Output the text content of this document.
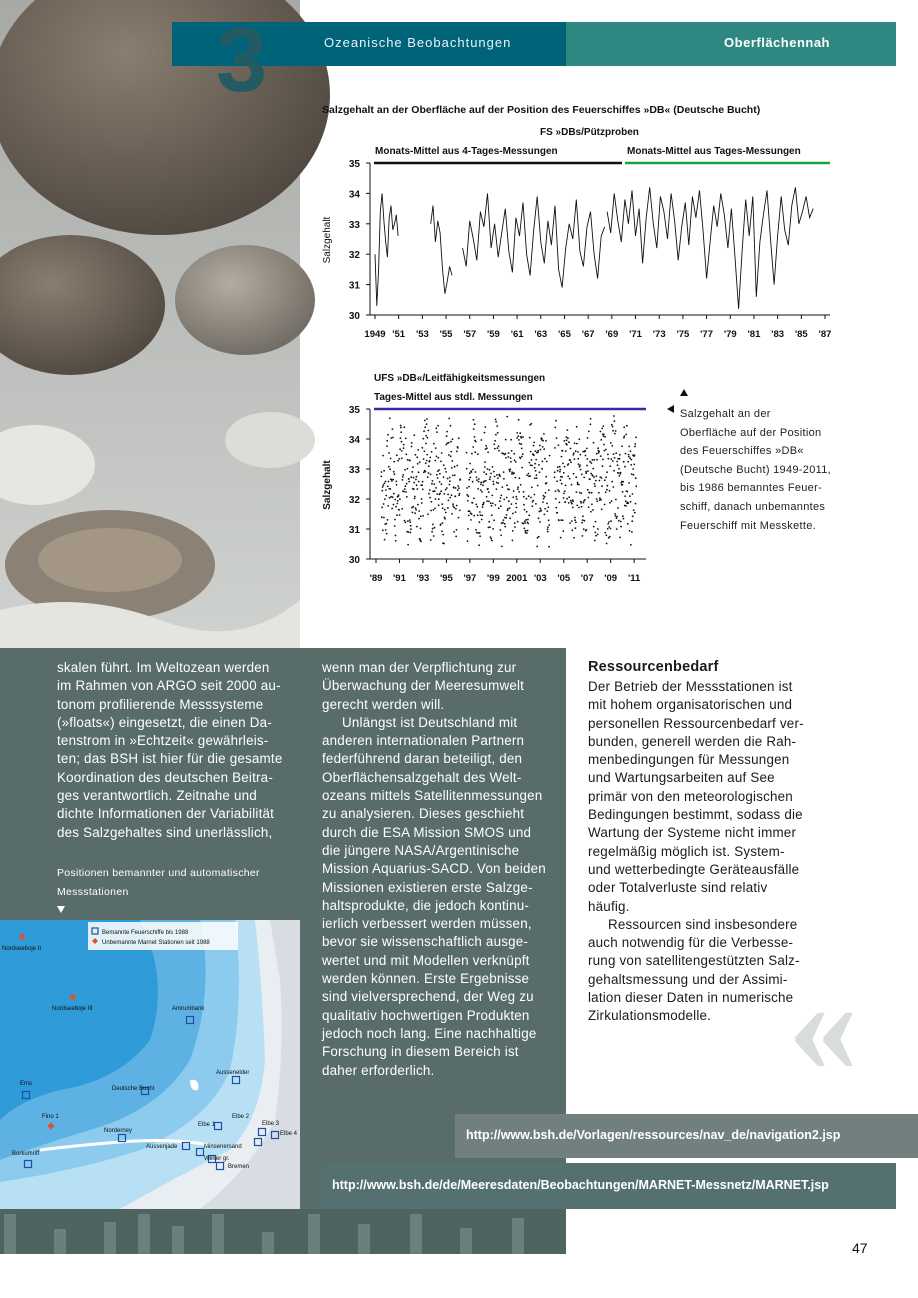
3	Ozeanische Beobachtungen	Oberflächennah
Salzgehalt an der Oberfläche auf der Position des Feuerschiffes »DB« (Deutsche Bucht)
FS »DBs/Pützproben
Monats-Mittel aus 4-Tages-Messungen	Monats-Mittel aus Tages-Messungen
Salzgehalt
35
34
33
32
31
30
1949 '51 '53 '55 '57 '59 '61 '63 '65 '67 '69 '71 '73 '75 '77 '79 '81 '83 '85 '87
UFS »DB«/Leitfähigkeitsmessungen
Tages-Mittel aus stdl. Messungen
Salzgehalt
35
34
33
32
31
30
'89 '91 '93 '95 '97 '99 2001 '03 '05 '07 '09 '11
Salzgehalt an der
Oberfläche auf der Position
des Feuerschiffes »DB«
(Deutsche Bucht) 1949-2011,
bis 1986 bemanntes Feuer-
schiff, danach unbemanntes
Feuerschiff mit Messkette.

skalen führt. Im Weltozean werden

im Rahmen von ARGO seit 2000 au-

tonom profilierende Messsysteme

(»floats«) eingesetzt, die einen Da-

tenstrom in »Echtzeit« gewährleis-

ten; das BSH ist hier für die gesamte

Koordination des deutschen Beitra-

ges verantwortlich. Zeitnahe und

dichte Informationen der Variabilität

des Salzgehaltes sind unerlässlich,

Positionen bemannter und automatischer
Messstationen
Bemannte Feuerschiffe bis 1988
Unbemannte Marnet Stationen seit 1988
Nordseeboje II
Nordseeboje III	Amrumbank
Aussenelder
Ems
Deutsche Bucht
Fino 1
Norderney
Elbe 1
Elbe 2
Elbe 3
Elbe 4
Aussenjade	Minsenersand
Weser gr.
Bremen
Borkumriff

wenn man der Verpflichtung zur

Überwachung der Meeresumwelt

gerecht werden will.

Unlängst ist Deutschland mit

anderen internationalen Partnern

federführend daran beteiligt, den

Oberflächensalzgehalt des Welt-

ozeans mittels Satellitenmessungen

zu analysieren. Dieses geschieht

durch die ESA Mission SMOS und

die jüngere NASA/Argentinische

Mission Aquarius-SACD. Von beiden

Missionen existieren erste Salzge-

haltsprodukte, die jedoch kontinu-

ierlich verbessert werden müssen,

bevor sie wissenschaftlich ausge-

wertet und mit Modellen verknüpft

werden können. Erste Ergebnisse

sind vielversprechend, der Weg zu

qualitativ hochwertigen Produkten

jedoch noch lang. Eine nachhaltige

Forschung in diesem Bereich ist

daher erforderlich.	«
Ressourcenbedarf

Der Betrieb der Messstationen ist

mit hohem organisatorischen und

personellen Ressourcenbedarf ver-

bunden, generell werden die Rah-

menbedingungen für Messungen

und Wartungsarbeiten auf See

primär von den meteorologischen

Bedingungen bestimmt, sodass die

Wartung der Systeme nicht immer

regelmäßig möglich ist. System-

und wetterbedingte Geräteausfälle

oder Totalverluste sind relativ

häufig.

Ressourcen sind insbesondere

auch notwendig für die Verbesse-

rung von satellitengestützten Salz-

gehaltsmessung und der Assimi-

lation dieser Daten in numerische

Zirkulationsmodelle.

http://www.bsh.de/Vorlagen/ressources/nav_de/navigation2.jsp
http://www.bsh.de/de/Meeresdaten/Beobachtungen/MARNET-Messnetz/MARNET.jsp
47
